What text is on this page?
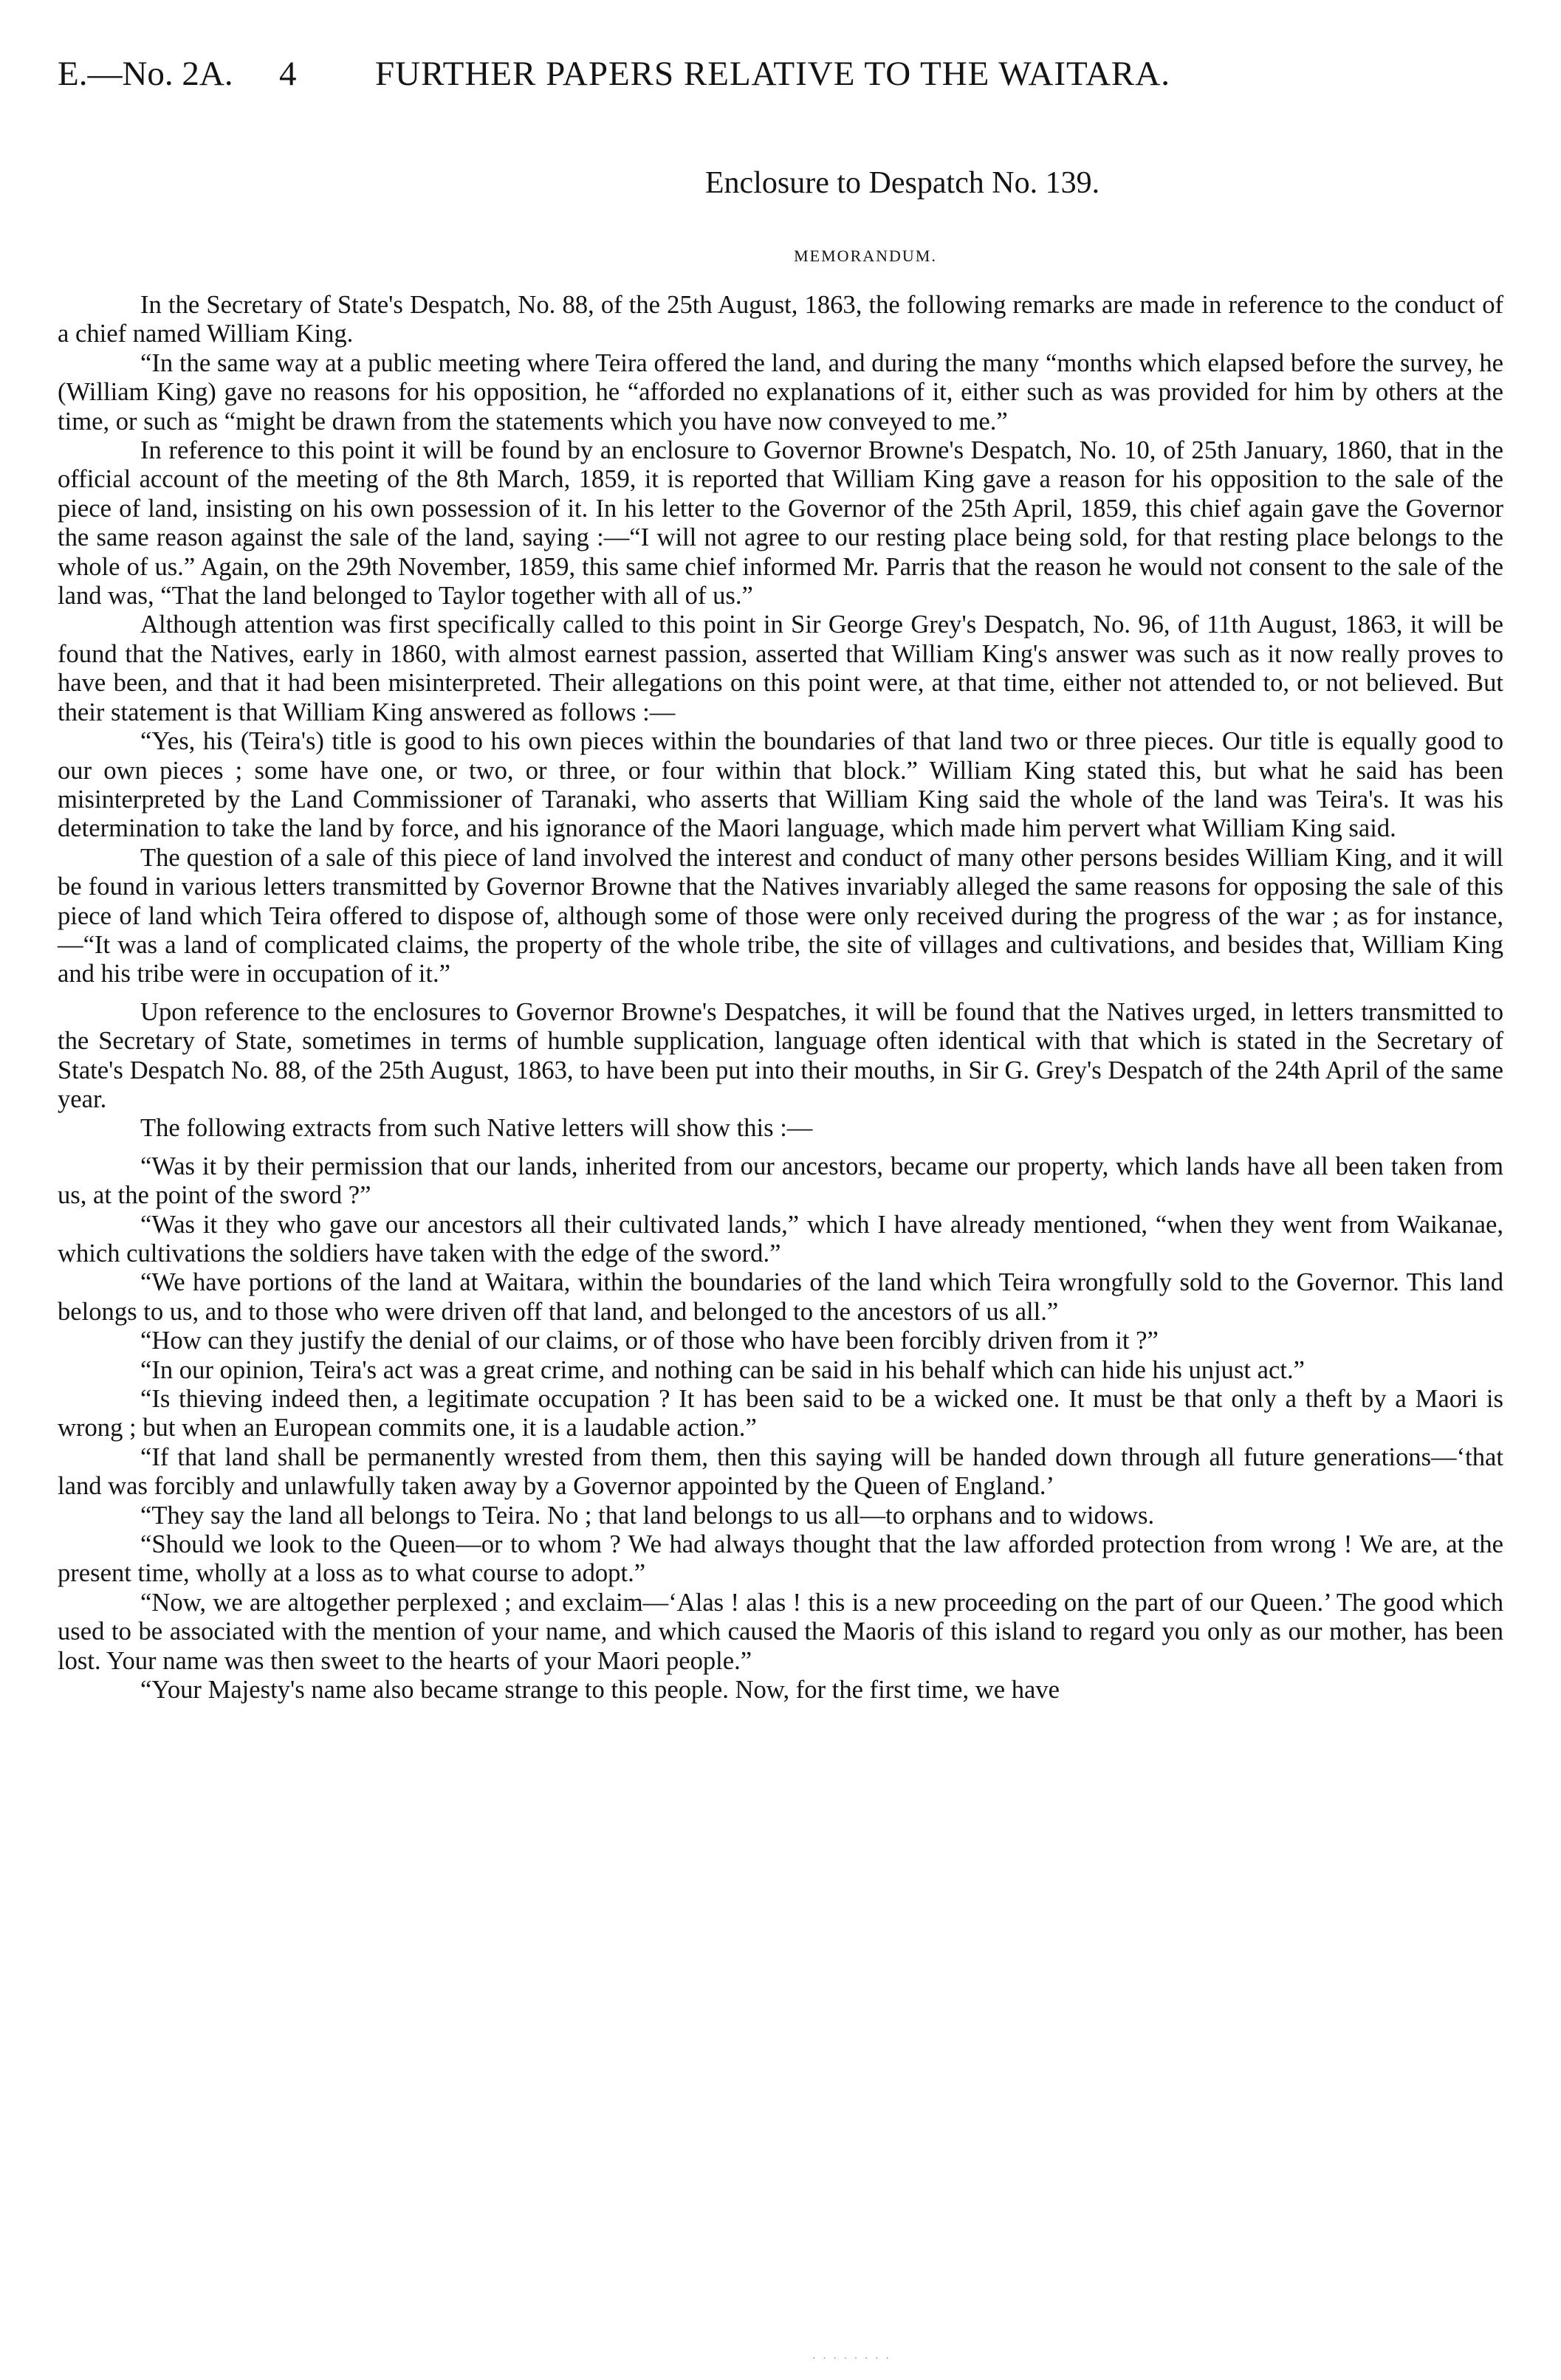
E.—No. 2A. 4 FURTHER PAPERS RELATIVE TO THE WAITARA.
Enclosure to Despatch No. 139.
MEMORANDUM.

In the Secretary of State's Despatch, No. 88, of the 25th August, 1863, the following remarks are made in reference to the conduct of a chief named William King.

“In the same way at a public meeting where Teira offered the land, and during the many “months which elapsed before the survey, he (William King) gave no reasons for his opposition, he “afforded no explanations of it, either such as was provided for him by others at the time, or such as “might be drawn from the statements which you have now conveyed to me.”

In reference to this point it will be found by an enclosure to Governor Browne's Despatch, No. 10, of 25th January, 1860, that in the official account of the meeting of the 8th March, 1859, it is reported that William King gave a reason for his opposition to the sale of the piece of land, insisting on his own possession of it. In his letter to the Governor of the 25th April, 1859, this chief again gave the Governor the same reason against the sale of the land, saying :—“I will not agree to our resting place being sold, for that resting place belongs to the whole of us.” Again, on the 29th November, 1859, this same chief informed Mr. Parris that the reason he would not consent to the sale of the land was, “That the land belonged to Taylor together with all of us.”

Although attention was first specifically called to this point in Sir George Grey's Despatch, No. 96, of 11th August, 1863, it will be found that the Natives, early in 1860, with almost earnest passion, asserted that William King's answer was such as it now really proves to have been, and that it had been misinterpreted. Their allegations on this point were, at that time, either not attended to, or not believed. But their statement is that William King answered as follows :—

“Yes, his (Teira's) title is good to his own pieces within the boundaries of that land two or three pieces. Our title is equally good to our own pieces ; some have one, or two, or three, or four within that block.” William King stated this, but what he said has been misinterpreted by the Land Commissioner of Taranaki, who asserts that William King said the whole of the land was Teira's. It was his determination to take the land by force, and his ignorance of the Maori language, which made him pervert what William King said.

The question of a sale of this piece of land involved the interest and conduct of many other persons besides William King, and it will be found in various letters transmitted by Governor Browne that the Natives invariably alleged the same reasons for opposing the sale of this piece of land which Teira offered to dispose of, although some of those were only received during the progress of the war ; as for instance,—“It was a land of complicated claims, the property of the whole tribe, the site of villages and cultivations, and besides that, William King and his tribe were in occupation of it.”

Upon reference to the enclosures to Governor Browne's Despatches, it will be found that the Natives urged, in letters transmitted to the Secretary of State, sometimes in terms of humble supplication, language often identical with that which is stated in the Secretary of State's Despatch No. 88, of the 25th August, 1863, to have been put into their mouths, in Sir G. Grey's Despatch of the 24th April of the same year.

The following extracts from such Native letters will show this :—

“Was it by their permission that our lands, inherited from our ancestors, became our property, which lands have all been taken from us, at the point of the sword ?”

“Was it they who gave our ancestors all their cultivated lands,” which I have already mentioned, “when they went from Waikanae, which cultivations the soldiers have taken with the edge of the sword.”

“We have portions of the land at Waitara, within the boundaries of the land which Teira wrongfully sold to the Governor. This land belongs to us, and to those who were driven off that land, and belonged to the ancestors of us all.”

“How can they justify the denial of our claims, or of those who have been forcibly driven from it ?”

“In our opinion, Teira's act was a great crime, and nothing can be said in his behalf which can hide his unjust act.”

“Is thieving indeed then, a legitimate occupation ? It has been said to be a wicked one. It must be that only a theft by a Maori is wrong ; but when an European commits one, it is a laudable action.”

“If that land shall be permanently wrested from them, then this saying will be handed down through all future generations—‘that land was forcibly and unlawfully taken away by a Governor appointed by the Queen of England.’

“They say the land all belongs to Teira. No ; that land belongs to us all—to orphans and to widows.

“Should we look to the Queen—or to whom ? We had always thought that the law afforded protection from wrong ! We are, at the present time, wholly at a loss as to what course to adopt.”

“Now, we are altogether perplexed ; and exclaim—‘Alas ! alas ! this is a new proceeding on the part of our Queen.’ The good which used to be associated with the mention of your name, and which caused the Maoris of this island to regard you only as our mother, has been lost. Your name was then sweet to the hearts of your Maori people.”

“Your Majesty's name also became strange to this people. Now, for the first time, we have

· · · · · · · ·
